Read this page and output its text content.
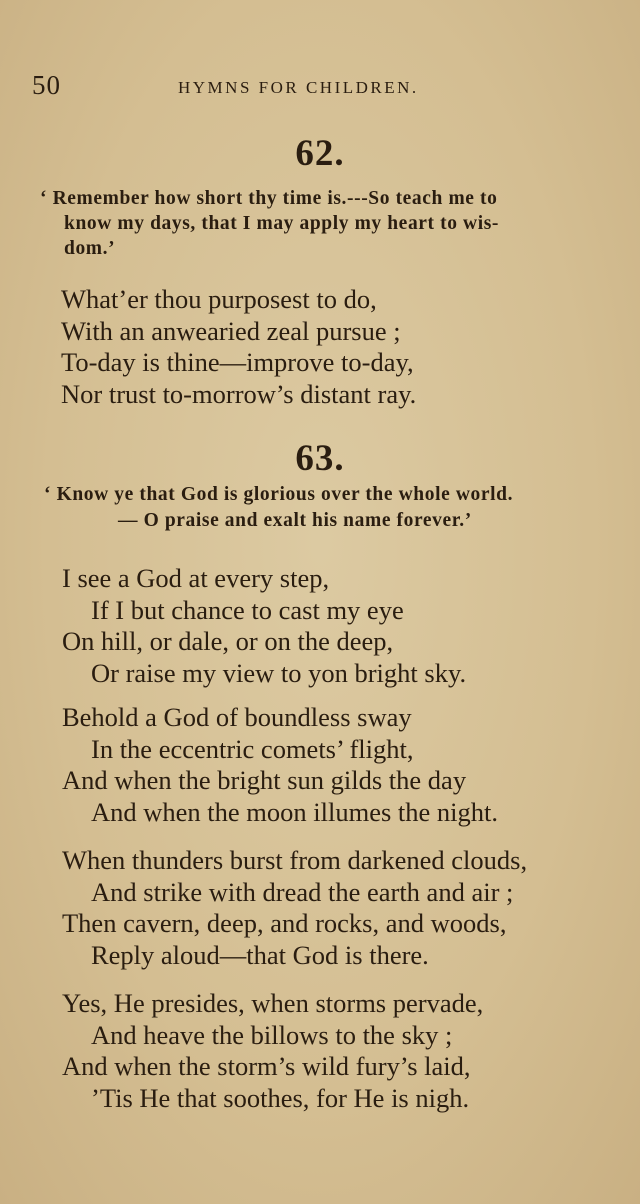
50	HYMNS FOR CHILDREN.
62.
‘ Remember how short thy time is.---So teach me to
know my days, that I may apply my heart to wis-
dom.’
What’er thou purposest to do,
With an anwearied zeal pursue ;
To-day is thine—improve to-day,
Nor trust to-morrow’s distant ray.
63.
‘ Know ye that God is glorious over the whole world.
— O praise and exalt his name forever.’
I see a God at every step,
If I but chance to cast my eye
On hill, or dale, or on the deep,
Or raise my view to yon bright sky.
Behold a God of boundless sway
In the eccentric comets’ flight,
And when the bright sun gilds the day
And when the moon illumes the night.
When thunders burst from darkened clouds,
And strike with dread the earth and air ;
Then cavern, deep, and rocks, and woods,
Reply aloud—that God is there.
Yes, He presides, when storms pervade,
And heave the billows to the sky ;
And when the storm’s wild fury’s laid,
’Tis He that soothes, for He is nigh.
